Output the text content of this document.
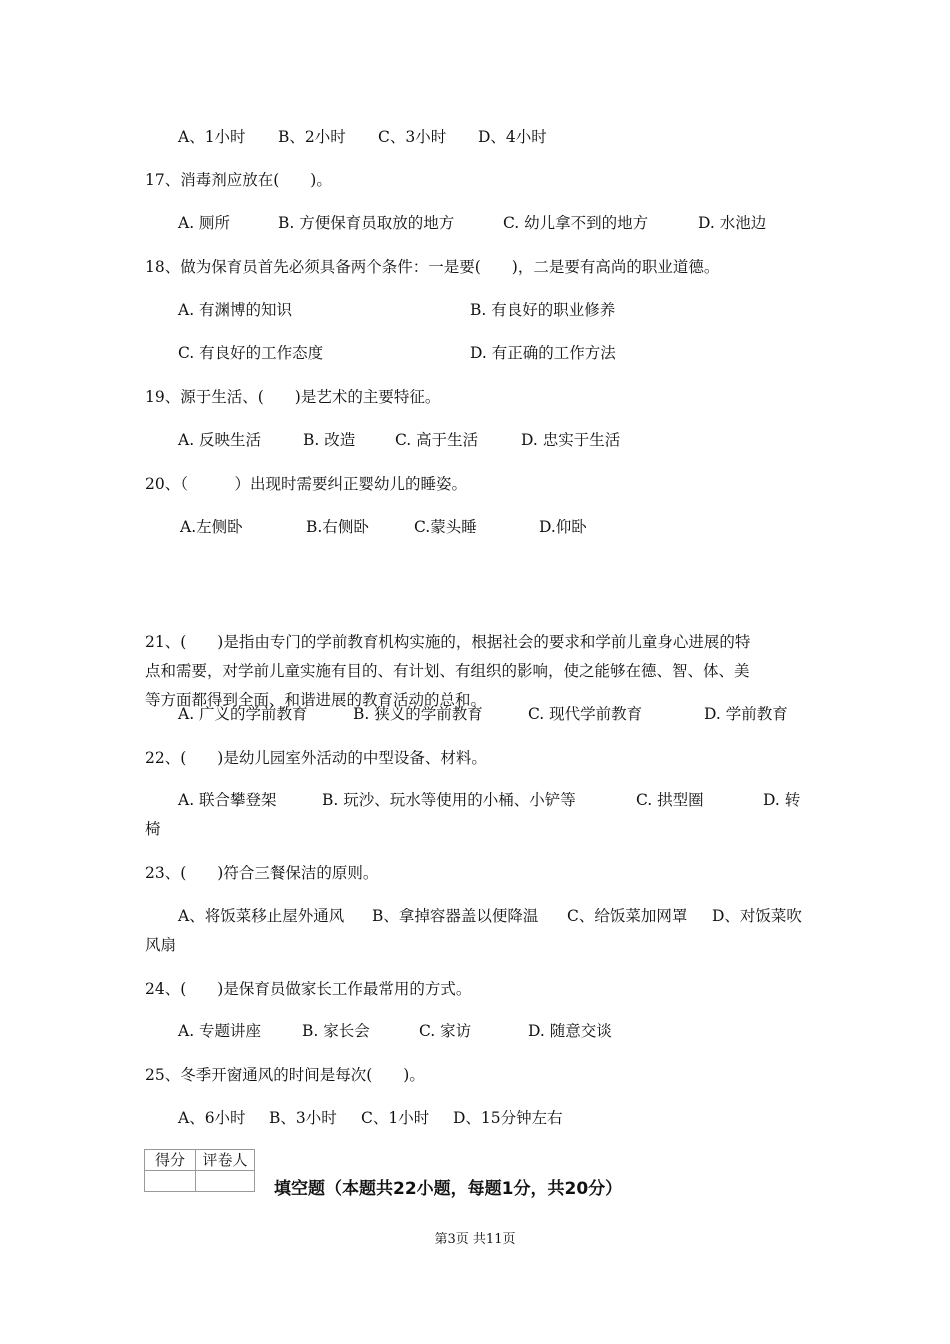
A、1小时 B、2小时 C、3小时 D、4小时
17、消毒剂应放在(　　)。
A. 厕所	B. 方便保育员取放的地方	C. 幼儿拿不到的地方	D. 水池边
18、做为保育员首先必须具备两个条件：一是要(　　)，二是要有高尚的职业道德。
A. 有渊博的知识	B. 有良好的职业修养
C. 有良好的工作态度	D. 有正确的工作方法
19、源于生活、(　　)是艺术的主要特征。
A. 反映生活	B. 改造	C. 高于生活	D. 忠实于生活
20、（　　　）出现时需要纠正婴幼儿的睡姿。
A.左侧卧	B.右侧卧	C.蒙头睡	D.仰卧
21、(　　)是指由专门的学前教育机构实施的，根据社会的要求和学前儿童身心进展的特
点和需要，对学前儿童实施有目的、有计划、有组织的影响，使之能够在德、智、体、美
等方面都得到全面、和谐进展的教育活动的总和。
A. 广义的学前教育	B. 狭义的学前教育	C. 现代学前教育	D. 学前教育
22、(　　)是幼儿园室外活动的中型设备、材料。
A. 联合攀登架	B. 玩沙、玩水等使用的小桶、小铲等	C. 拱型圈	D. 转
椅
23、(　　)符合三餐保洁的原则。
A、将饭菜移止屋外通风 B、拿掉容器盖以便降温 C、给饭菜加网罩 D、对饭菜吹
风扇
24、(　　)是保育员做家长工作最常用的方式。
A. 专题讲座	B. 家长会	C. 家访	D. 随意交谈
25、冬季开窗通风的时间是每次(　　)。
A、6小时 B、3小时 C、1小时 D、15分钟左右
得分	评卷人

填空题（本题共22小题，每题1分，共20分）
第3页 共11页
